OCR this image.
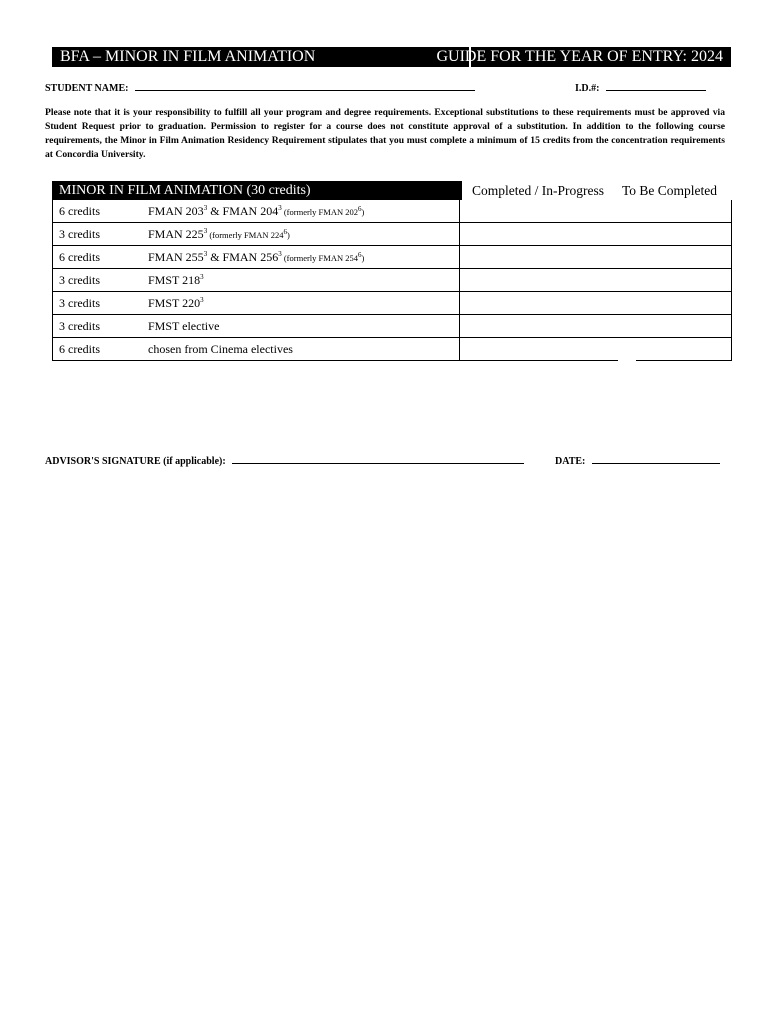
BFA – MINOR IN FILM ANIMATION	GUIDE FOR THE YEAR OF ENTRY: 2024
STUDENT NAME:	I.D.#:
Please note that it is your responsibility to fulfill all your program and degree requirements. Exceptional substitutions to these requirements must be approved via Student Request prior to graduation. Permission to register for a course does not constitute approval of a substitution. In addition to the following course requirements, the Minor in Film Animation Residency Requirement stipulates that you must complete a minimum of 15 credits from the concentration requirements at Concordia University.
MINOR IN FILM ANIMATION (30 credits)	Completed / In-Progress To Be Completed
6 credits	FMAN $203^3$ & FMAN $204^3$ (formerly FMAN $202^6$)
3 credits	FMAN $225^3$ (formerly FMAN $224^6$)
6 credits	FMAN $255^3$ & FMAN $256^3$ (formerly FMAN $254^6$)
3 credits	FMST $218^3$
3 credits	FMST $220^3$
3 credits	FMST elective
6 credits	chosen from Cinema electives
ADVISOR'S SIGNATURE (if applicable):	DATE:
